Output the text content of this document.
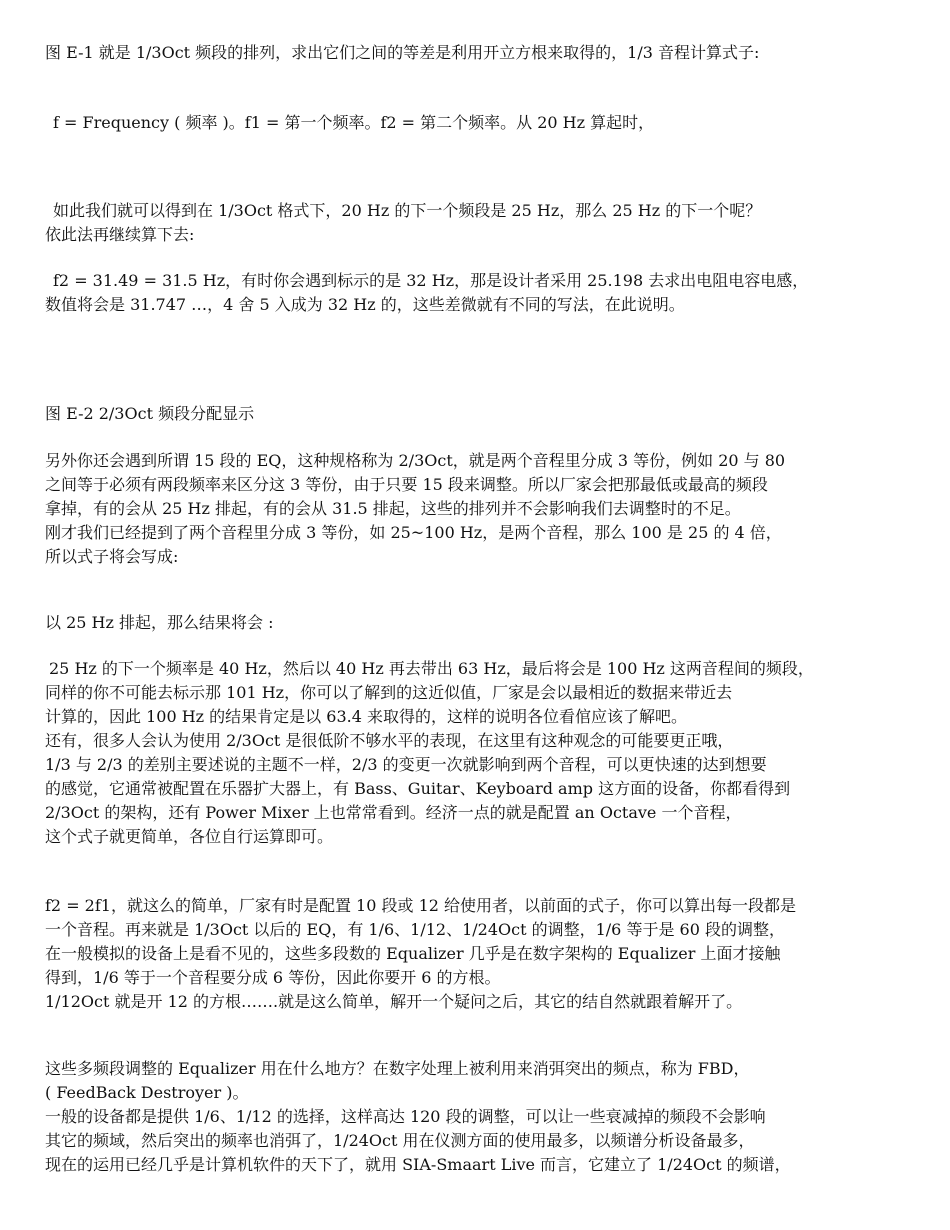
图 E-1 就是 1/3Oct 频段的排列，求出它们之间的等差是利用开立方根来取得的，1/3 音程计算式子:
f = Frequency ( 频率 )。f1 = 第一个频率。f2 = 第二个频率。从 20 Hz 算起时，
如此我们就可以得到在 1/3Oct 格式下，20 Hz 的下一个频段是 25 Hz，那么 25 Hz 的下一个呢？
依此法再继续算下去:
f2 = 31.49 = 31.5 Hz，有时你会遇到标示的是 32 Hz，那是设计者采用 25.198 去求出电阻电容电感，
数值将会是 31.747 …，4 舍 5 入成为 32 Hz 的，这些差微就有不同的写法，在此说明。
图 E-2 2/3Oct 频段分配显示
另外你还会遇到所谓 15 段的 EQ，这种规格称为 2/3Oct，就是两个音程里分成 3 等份，例如 20 与 80
之间等于必须有两段频率来区分这 3 等份，由于只要 15 段来调整。所以厂家会把那最低或最高的频段
拿掉，有的会从 25 Hz 排起，有的会从 31.5 排起，这些的排列并不会影响我们去调整时的不足。
刚才我们已经提到了两个音程里分成 3 等份，如 25~100 Hz，是两个音程，那么 100 是 25 的 4 倍，
所以式子将会写成:
以 25 Hz 排起，那么结果将会 :
25 Hz 的下一个频率是 40 Hz，然后以 40 Hz 再去带出 63 Hz，最后将会是 100 Hz 这两音程间的频段，
同样的你不可能去标示那 101 Hz，你可以了解到的这近似值，厂家是会以最相近的数据来带近去
计算的，因此 100 Hz 的结果肯定是以 63.4 来取得的，这样的说明各位看倌应该了解吧。
还有，很多人会认为使用 2/3Oct 是很低阶不够水平的表现，在这里有这种观念的可能要更正哦，
1/3 与 2/3 的差别主要述说的主题不一样，2/3 的变更一次就影响到两个音程，可以更快速的达到想要
的感觉，它通常被配置在乐器扩大器上，有 Bass、Guitar、Keyboard amp 这方面的设备，你都看得到
2/3Oct 的架构，还有 Power Mixer 上也常常看到。经济一点的就是配置 an Octave 一个音程，
这个式子就更简单，各位自行运算即可。
f2 = 2f1，就这么的简单，厂家有时是配置 10 段或 12 给使用者，以前面的式子，你可以算出每一段都是
一个音程。再来就是 1/3Oct 以后的 EQ，有 1/6、1/12、1/24Oct 的调整，1/6 等于是 60 段的调整，
在一般模拟的设备上是看不见的，这些多段数的 Equalizer 几乎是在数字架构的 Equalizer 上面才接触
得到，1/6 等于一个音程要分成 6 等份，因此你要开 6 的方根。
1/12Oct 就是开 12 的方根…….就是这么简单，解开一个疑问之后，其它的结自然就跟着解开了。
这些多频段调整的 Equalizer 用在什么地方？在数字处理上被利用来消弭突出的频点，称为 FBD，
( FeedBack Destroyer )。
一般的设备都是提供 1/6、1/12 的选择，这样高达 120 段的调整，可以让一些衰减掉的频段不会影响
其它的频域，然后突出的频率也消弭了，1/24Oct 用在仪测方面的使用最多，以频谱分析设备最多，
现在的运用已经几乎是计算机软件的天下了，就用 SIA-Smaart Live 而言，它建立了 1/24Oct 的频谱，
